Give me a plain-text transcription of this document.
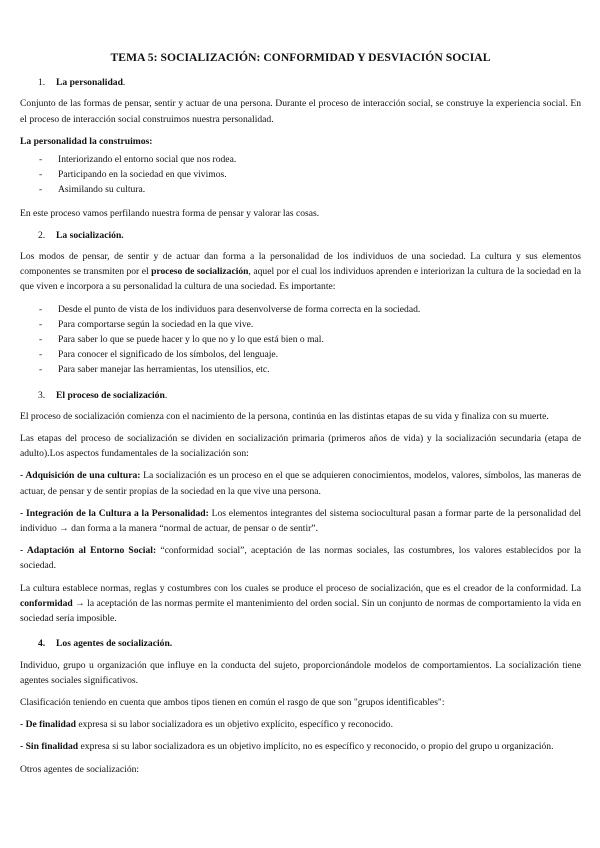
TEMA 5: SOCIALIZACIÓN: CONFORMIDAD Y DESVIACIÓN SOCIAL
1. La personalidad.

Conjunto de las formas de pensar, sentir y actuar de una persona. Durante el proceso de interacción social, se construye la experiencia social. En el proceso de interacción social construimos nuestra personalidad.

La personalidad la construimos:

- Interiorizando el entorno social que nos rodea.
- Participando en la sociedad en que vivimos.
- Asimilando su cultura.

En este proceso vamos perfilando nuestra forma de pensar y valorar las cosas.

2. La socialización.

Los modos de pensar, de sentir y de actuar dan forma a la personalidad de los individuos de una sociedad. La cultura y sus elementos componentes se transmiten por el proceso de socialización, aquel por el cual los individuos aprenden e interiorizan la cultura de la sociedad en la que viven e incorpora a su personalidad la cultura de una sociedad. Es importante:

- Desde el punto de vista de los individuos para desenvolverse de forma correcta en la sociedad.
- Para comportarse según la sociedad en la que vive.
- Para saber lo que se puede hacer y lo que no y lo que está bien o mal.
- Para conocer el significado de los símbolos, del lenguaje.
- Para saber manejar las herramientas, los utensilios, etc.
3. El proceso de socialización.

El proceso de socialización comienza con el nacimiento de la persona, continúa en las distintas etapas de su vida y finaliza con su muerte.

Las etapas del proceso de socialización se dividen en socialización primaria (primeros años de vida) y la socialización secundaria (etapa de adulto).Los aspectos fundamentales de la socialización son:

- Adquisición de una cultura: La socialización es un proceso en el que se adquieren conocimientos, modelos, valores, símbolos, las maneras de actuar, de pensar y de sentir propias de la sociedad en la que vive una persona.

- Integración de la Cultura a la Personalidad: Los elementos integrantes del sistema sociocultural pasan a formar parte de la personalidad del individuo → dan forma a la manera “normal de actuar, de pensar o de sentir”.

- Adaptación al Entorno Social: “conformidad social”, aceptación de las normas sociales, las costumbres, los valores establecidos por la sociedad.

La cultura establece normas, reglas y costumbres con los cuales se produce el proceso de socialización, que es el creador de la conformidad. La conformidad → la aceptación de las normas permite el mantenimiento del orden social. Sin un conjunto de normas de comportamiento la vida en sociedad sería imposible.

4. Los agentes de socialización.

Individuo, grupo u organización que influye en la conducta del sujeto, proporcionándole modelos de comportamientos. La socialización tiene agentes sociales significativos.

Clasificación teniendo en cuenta que ambos tipos tienen en común el rasgo de que son "grupos identificables":

- De finalidad expresa si su labor socializadora es un objetivo explícito, específico y reconocido.

- Sin finalidad expresa si su labor socializadora es un objetivo implícito, no es específico y reconocido, o propio del grupo u organización.

Otros agentes de socialización:
